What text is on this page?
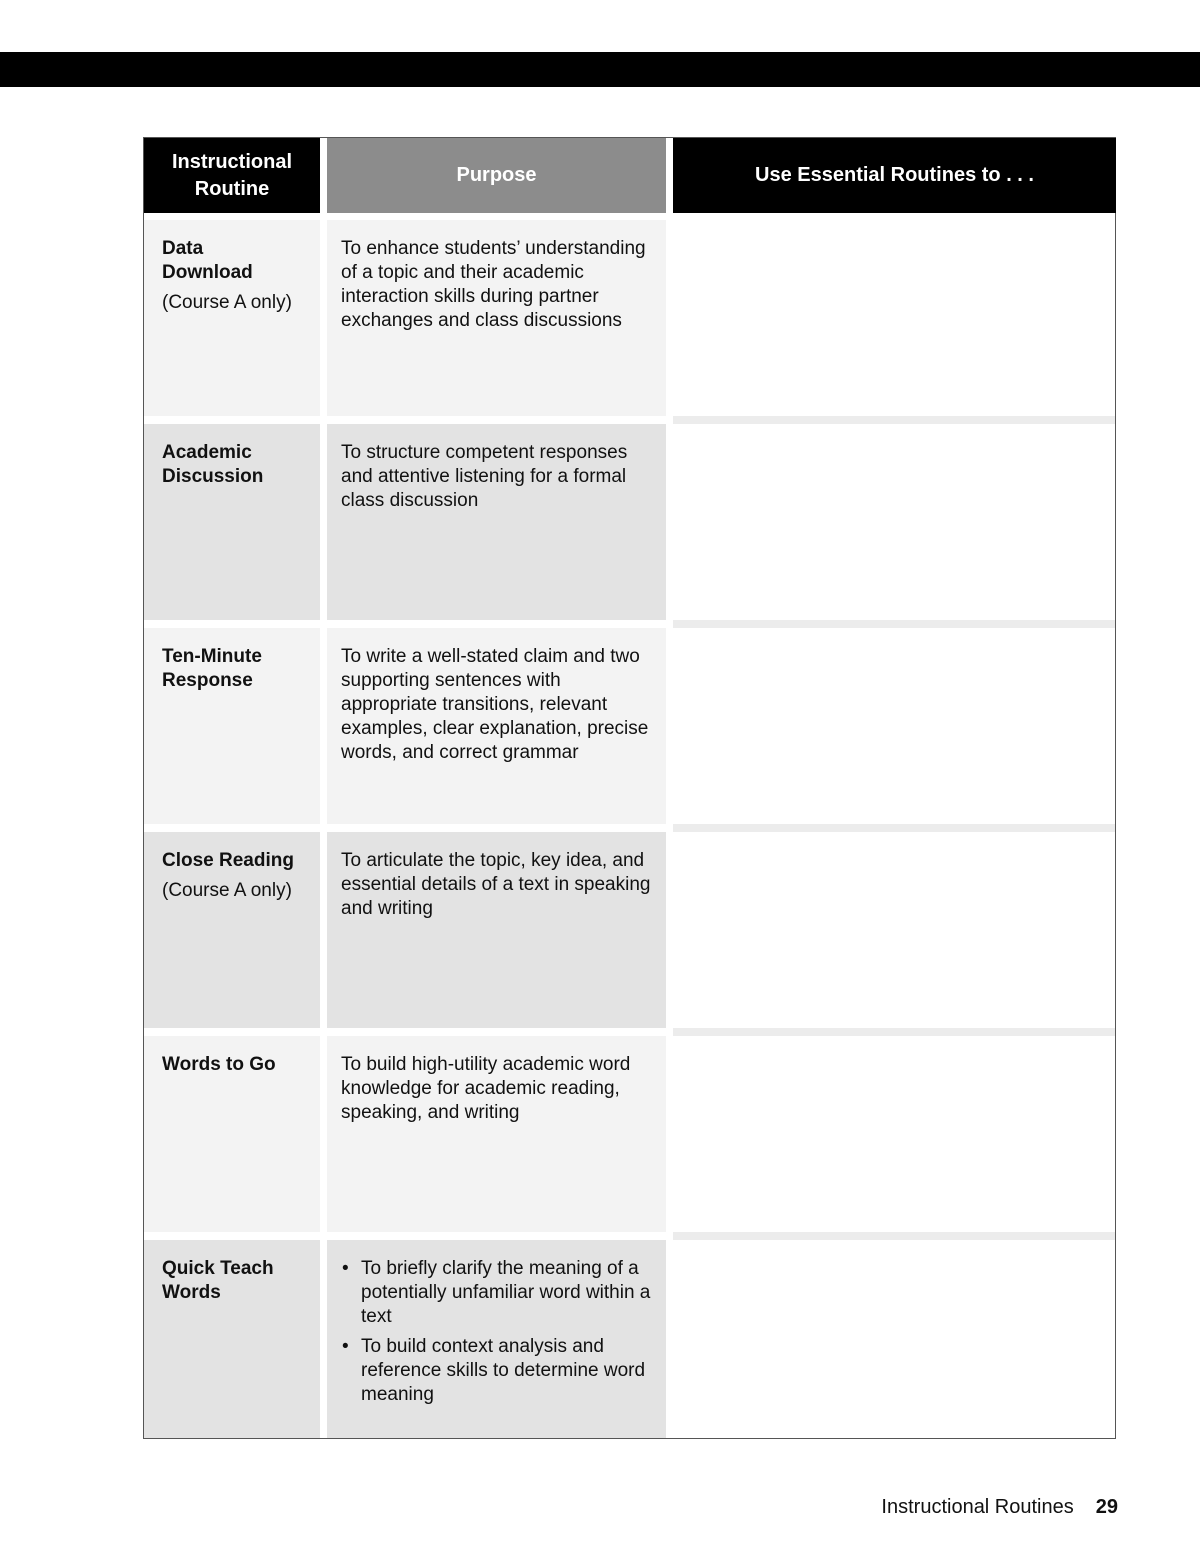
Instructional Routine
Purpose	Use Essential Routines to . . .
Data Download
(Course A only)
To enhance students’ understanding of a topic and their academic interaction skills during partner exchanges and class discussions
Academic Discussion
To structure competent responses and attentive listening for a formal class discussion
Ten-Minute Response
To write a well-stated claim and two supporting sentences with appropriate transitions, relevant examples, clear explanation, precise words, and correct grammar
Close Reading
(Course A only)
To articulate the topic, key idea, and essential details of a text in speaking and writing
Words to Go	To build high-utility academic word knowledge for academic reading, speaking, and writing
Quick Teach Words
• To briefly clarify the meaning of a potentially unfamiliar word within a text
• To build context analysis and reference skills to determine word meaning
Instructional Routines 29
